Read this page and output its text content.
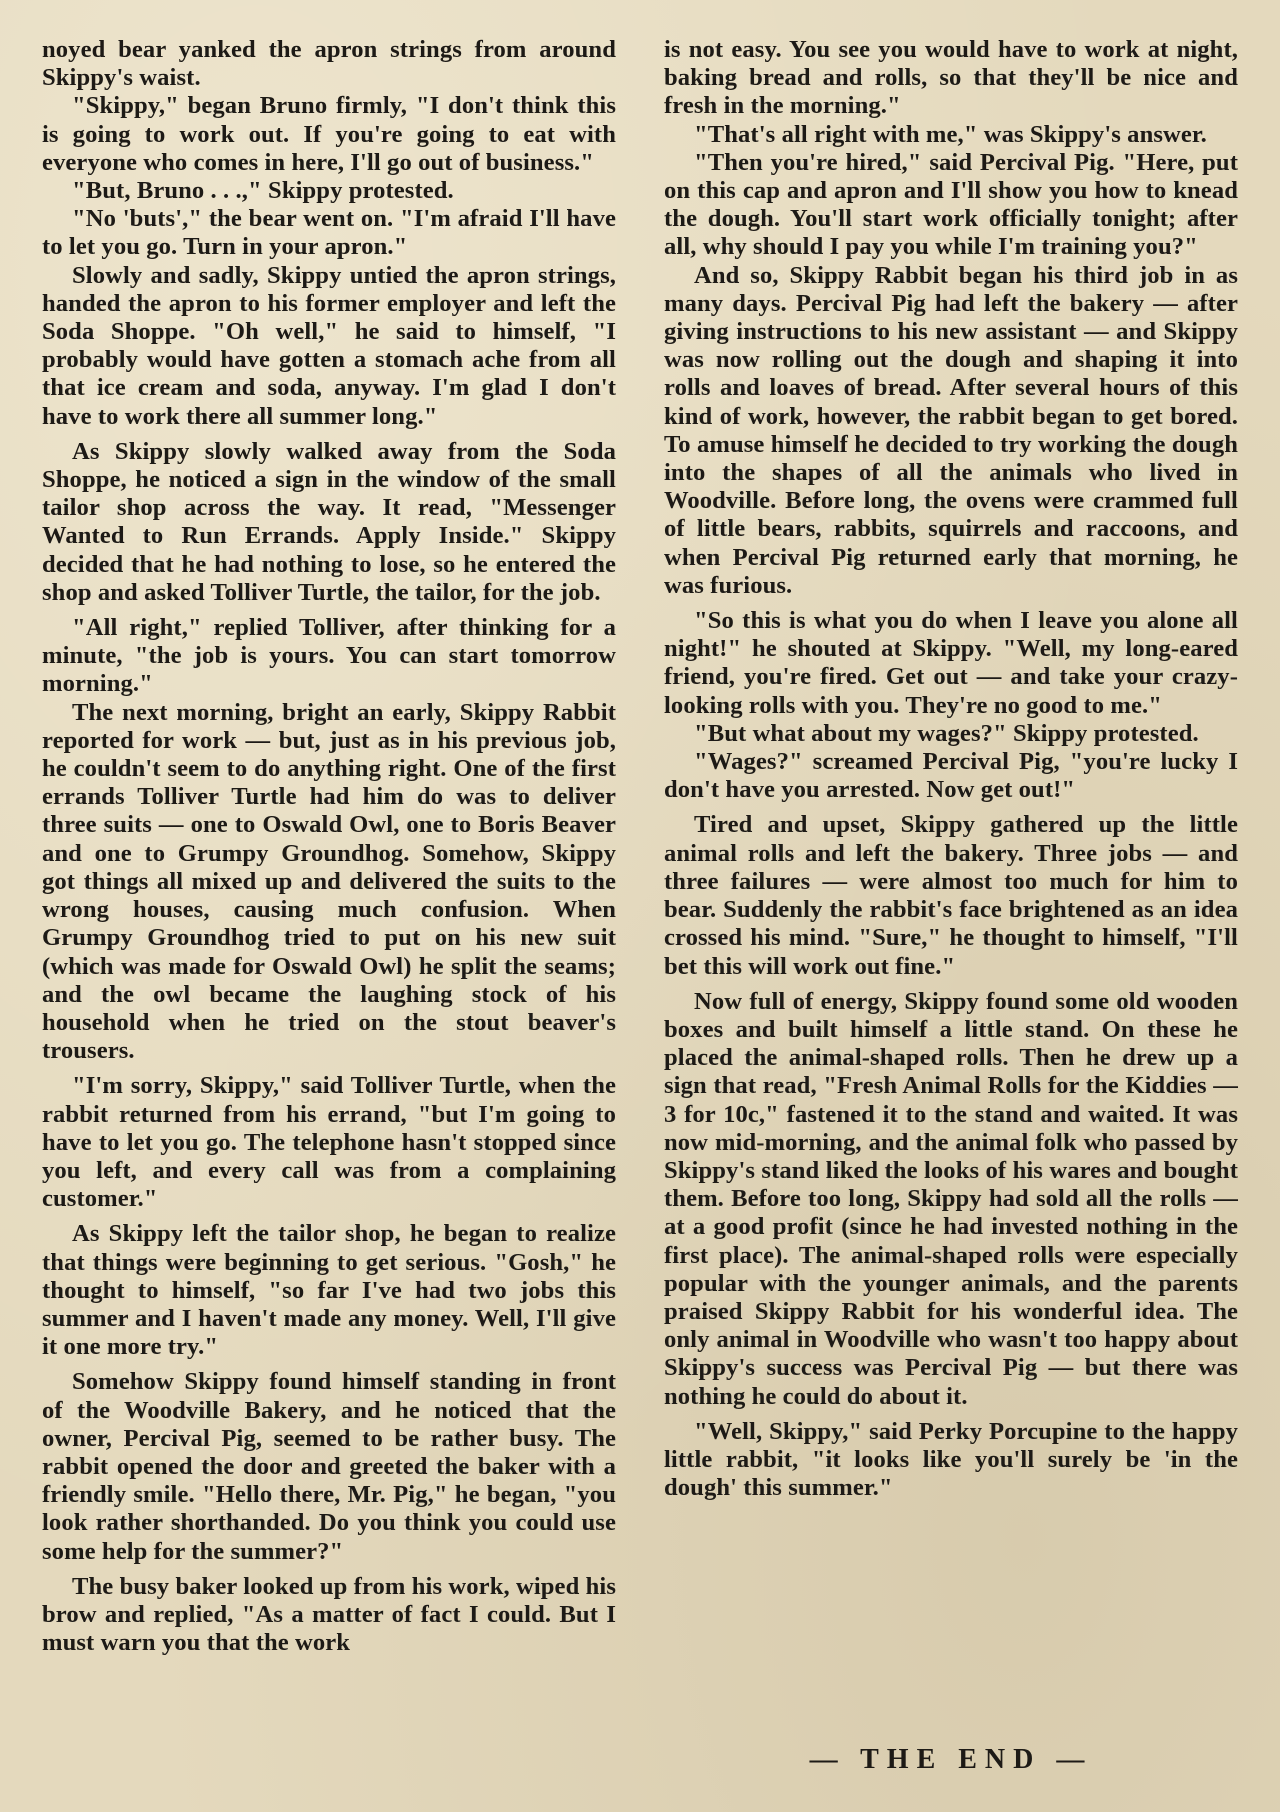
noyed bear yanked the apron strings from around Skippy's waist.

"Skippy," began Bruno firmly, "I don't think this is going to work out. If you're going to eat with everyone who comes in here, I'll go out of business."

"But, Bruno . . .," Skippy protested.

"No 'buts'," the bear went on. "I'm afraid I'll have to let you go. Turn in your apron."

Slowly and sadly, Skippy untied the apron strings, handed the apron to his former employer and left the Soda Shoppe. "Oh well," he said to himself, "I probably would have gotten a stomach ache from all that ice cream and soda, anyway. I'm glad I don't have to work there all summer long."

As Skippy slowly walked away from the Soda Shoppe, he noticed a sign in the window of the small tailor shop across the way. It read, "Messenger Wanted to Run Errands. Apply Inside." Skippy decided that he had nothing to lose, so he entered the shop and asked Tolliver Turtle, the tailor, for the job.

"All right," replied Tolliver, after thinking for a minute, "the job is yours. You can start tomorrow morning."

The next morning, bright an early, Skippy Rabbit reported for work — but, just as in his previous job, he couldn't seem to do anything right. One of the first errands Tolliver Turtle had him do was to deliver three suits — one to Oswald Owl, one to Boris Beaver and one to Grumpy Groundhog. Somehow, Skippy got things all mixed up and delivered the suits to the wrong houses, causing much confusion. When Grumpy Groundhog tried to put on his new suit (which was made for Oswald Owl) he split the seams; and the owl became the laughing stock of his household when he tried on the stout beaver's trousers.

"I'm sorry, Skippy," said Tolliver Turtle, when the rabbit returned from his errand, "but I'm going to have to let you go. The telephone hasn't stopped since you left, and every call was from a complaining customer."

As Skippy left the tailor shop, he began to realize that things were beginning to get serious. "Gosh," he thought to himself, "so far I've had two jobs this summer and I haven't made any money. Well, I'll give it one more try."

Somehow Skippy found himself standing in front of the Woodville Bakery, and he noticed that the owner, Percival Pig, seemed to be rather busy. The rabbit opened the door and greeted the baker with a friendly smile. "Hello there, Mr. Pig," he began, "you look rather shorthanded. Do you think you could use some help for the summer?"

The busy baker looked up from his work, wiped his brow and replied, "As a matter of fact I could. But I must warn you that the work

is not easy. You see you would have to work at night, baking bread and rolls, so that they'll be nice and fresh in the morning."

"That's all right with me," was Skippy's answer.

"Then you're hired," said Percival Pig. "Here, put on this cap and apron and I'll show you how to knead the dough. You'll start work officially tonight; after all, why should I pay you while I'm training you?"

And so, Skippy Rabbit began his third job in as many days. Percival Pig had left the bakery — after giving instructions to his new assistant — and Skippy was now rolling out the dough and shaping it into rolls and loaves of bread. After several hours of this kind of work, however, the rabbit began to get bored. To amuse himself he decided to try working the dough into the shapes of all the animals who lived in Woodville. Before long, the ovens were crammed full of little bears, rabbits, squirrels and raccoons, and when Percival Pig returned early that morning, he was furious.

"So this is what you do when I leave you alone all night!" he shouted at Skippy. "Well, my long-eared friend, you're fired. Get out — and take your crazy-looking rolls with you. They're no good to me."

"But what about my wages?" Skippy protested.

"Wages?" screamed Percival Pig, "you're lucky I don't have you arrested. Now get out!"

Tired and upset, Skippy gathered up the little animal rolls and left the bakery. Three jobs — and three failures — were almost too much for him to bear. Suddenly the rabbit's face brightened as an idea crossed his mind. "Sure," he thought to himself, "I'll bet this will work out fine."

Now full of energy, Skippy found some old wooden boxes and built himself a little stand. On these he placed the animal-shaped rolls. Then he drew up a sign that read, "Fresh Animal Rolls for the Kiddies — 3 for 10c," fastened it to the stand and waited. It was now mid-morning, and the animal folk who passed by Skippy's stand liked the looks of his wares and bought them. Before too long, Skippy had sold all the rolls — at a good profit (since he had invested nothing in the first place). The animal-shaped rolls were especially popular with the younger animals, and the parents praised Skippy Rabbit for his wonderful idea. The only animal in Woodville who wasn't too happy about Skippy's success was Percival Pig — but there was nothing he could do about it.

"Well, Skippy," said Perky Porcupine to the happy little rabbit, "it looks like you'll surely be 'in the dough' this summer."

— THE END —
